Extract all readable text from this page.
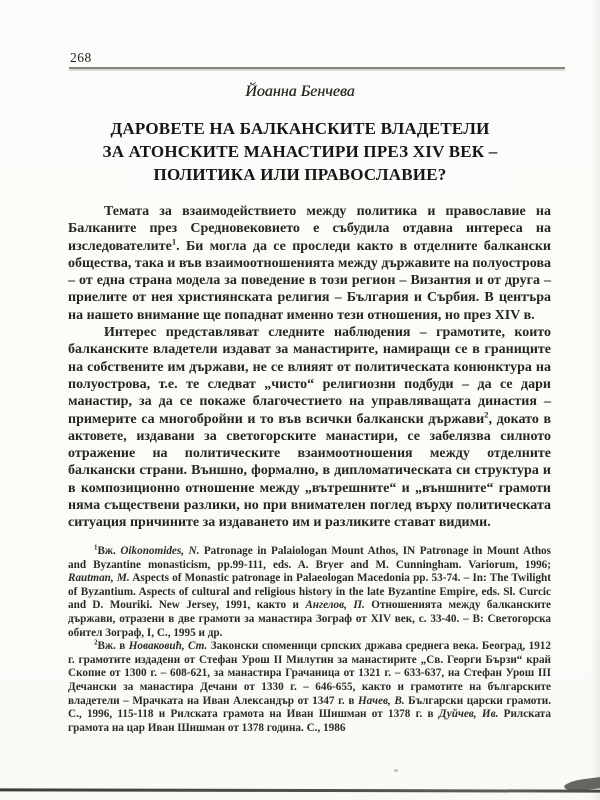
268
Йоанна Бенчева
ДАРОВЕТЕ НА БАЛКАНСКИТЕ ВЛАДЕТЕЛИ
ЗА АТОНСКИТЕ МАНАСТИРИ ПРЕЗ XIV ВЕК –
ПОЛИТИКА ИЛИ ПРАВОСЛАВИЕ?

Темата за взаимодействието между политика и православие на Балканите през Средновековието е събудила отдавна интереса на изследователите$^1$. Би могла да се проследи както в отделните балкански общества, така и във взаимоотношенията между държавите на полуострова – от една страна модела за поведение в този регион – Византия и от друга – приелите от нея християнската религия – България и Сърбия. В центъра на нашето внимание ще попаднат именно тези отношения, но през XIV в.

Интерес представляват следните наблюдения – грамотите, които балканските владетели издават за манастирите, намиращи се в границите на собствените им държави, не се влияят от политическата конюнктура на полуострова, т.е. те следват „чисто“ религиозни подбуди – да се дари манастир, за да се покаже благочестието на управляващата династия – примерите са многобройни и то във всички балкански държави$^2$, докато в актовете, издавани за светогорските манастири, се забелязва силното отражение на политическите взаимоотношения между отделните балкански страни. Външно, формално, в дипломатическата си структура и в композиционно отношение между „вътрешните“ и „външните“ грамоти няма съществени разлики, но при внимателен поглед върху политическата ситуация причините за издаването им и разликите стават видими.

$^1$Вж. Oikonomides, N. Patronage in Palaiologan Mount Athos, IN Patronage in Mount Athos and Byzantine monasticism, pp.99-111, eds. A. Bryer and M. Cunningham. Variorum, 1996; Rautman, M. Aspects of Monastic patronage in Palaeologan Macedonia pp. 53-74. – In: The Twilight of Byzantium. Aspects of cultural and religious history in the late Byzantine Empire, eds. Sl. Curcic and D. Mouriki. New Jersey, 1991, както и Ангелов, П. Отношенията между балканските държави, отразени в две грамоти за манастира Зограф от XIV век, с. 33-40. – В: Светогорска обител Зограф, I, С., 1995 и др.

$^2$Вж. в Новаковић, Ст. Законски споменици српских држава среднега века. Београд, 1912 г. грамотите издадени от Стефан Урош II Милутин за манастирите „Св. Георги Бързи“ край Скопие от 1300 г. – 608-621, за манастира Грачаница от 1321 г. – 633-637, на Стефан Урош III Дечански за манастира Дечани от 1330 г. – 646-655, както и грамотите на българските владетели – Мрачката на Иван Александър от 1347 г. в Начев, В. Български царски грамоти. С., 1996, 115-118 и Рилската грамота на Иван Шишман от 1378 г. в Дуйчев, Ив. Рилската грамота на цар Иван Шишман от 1378 година. С., 1986
